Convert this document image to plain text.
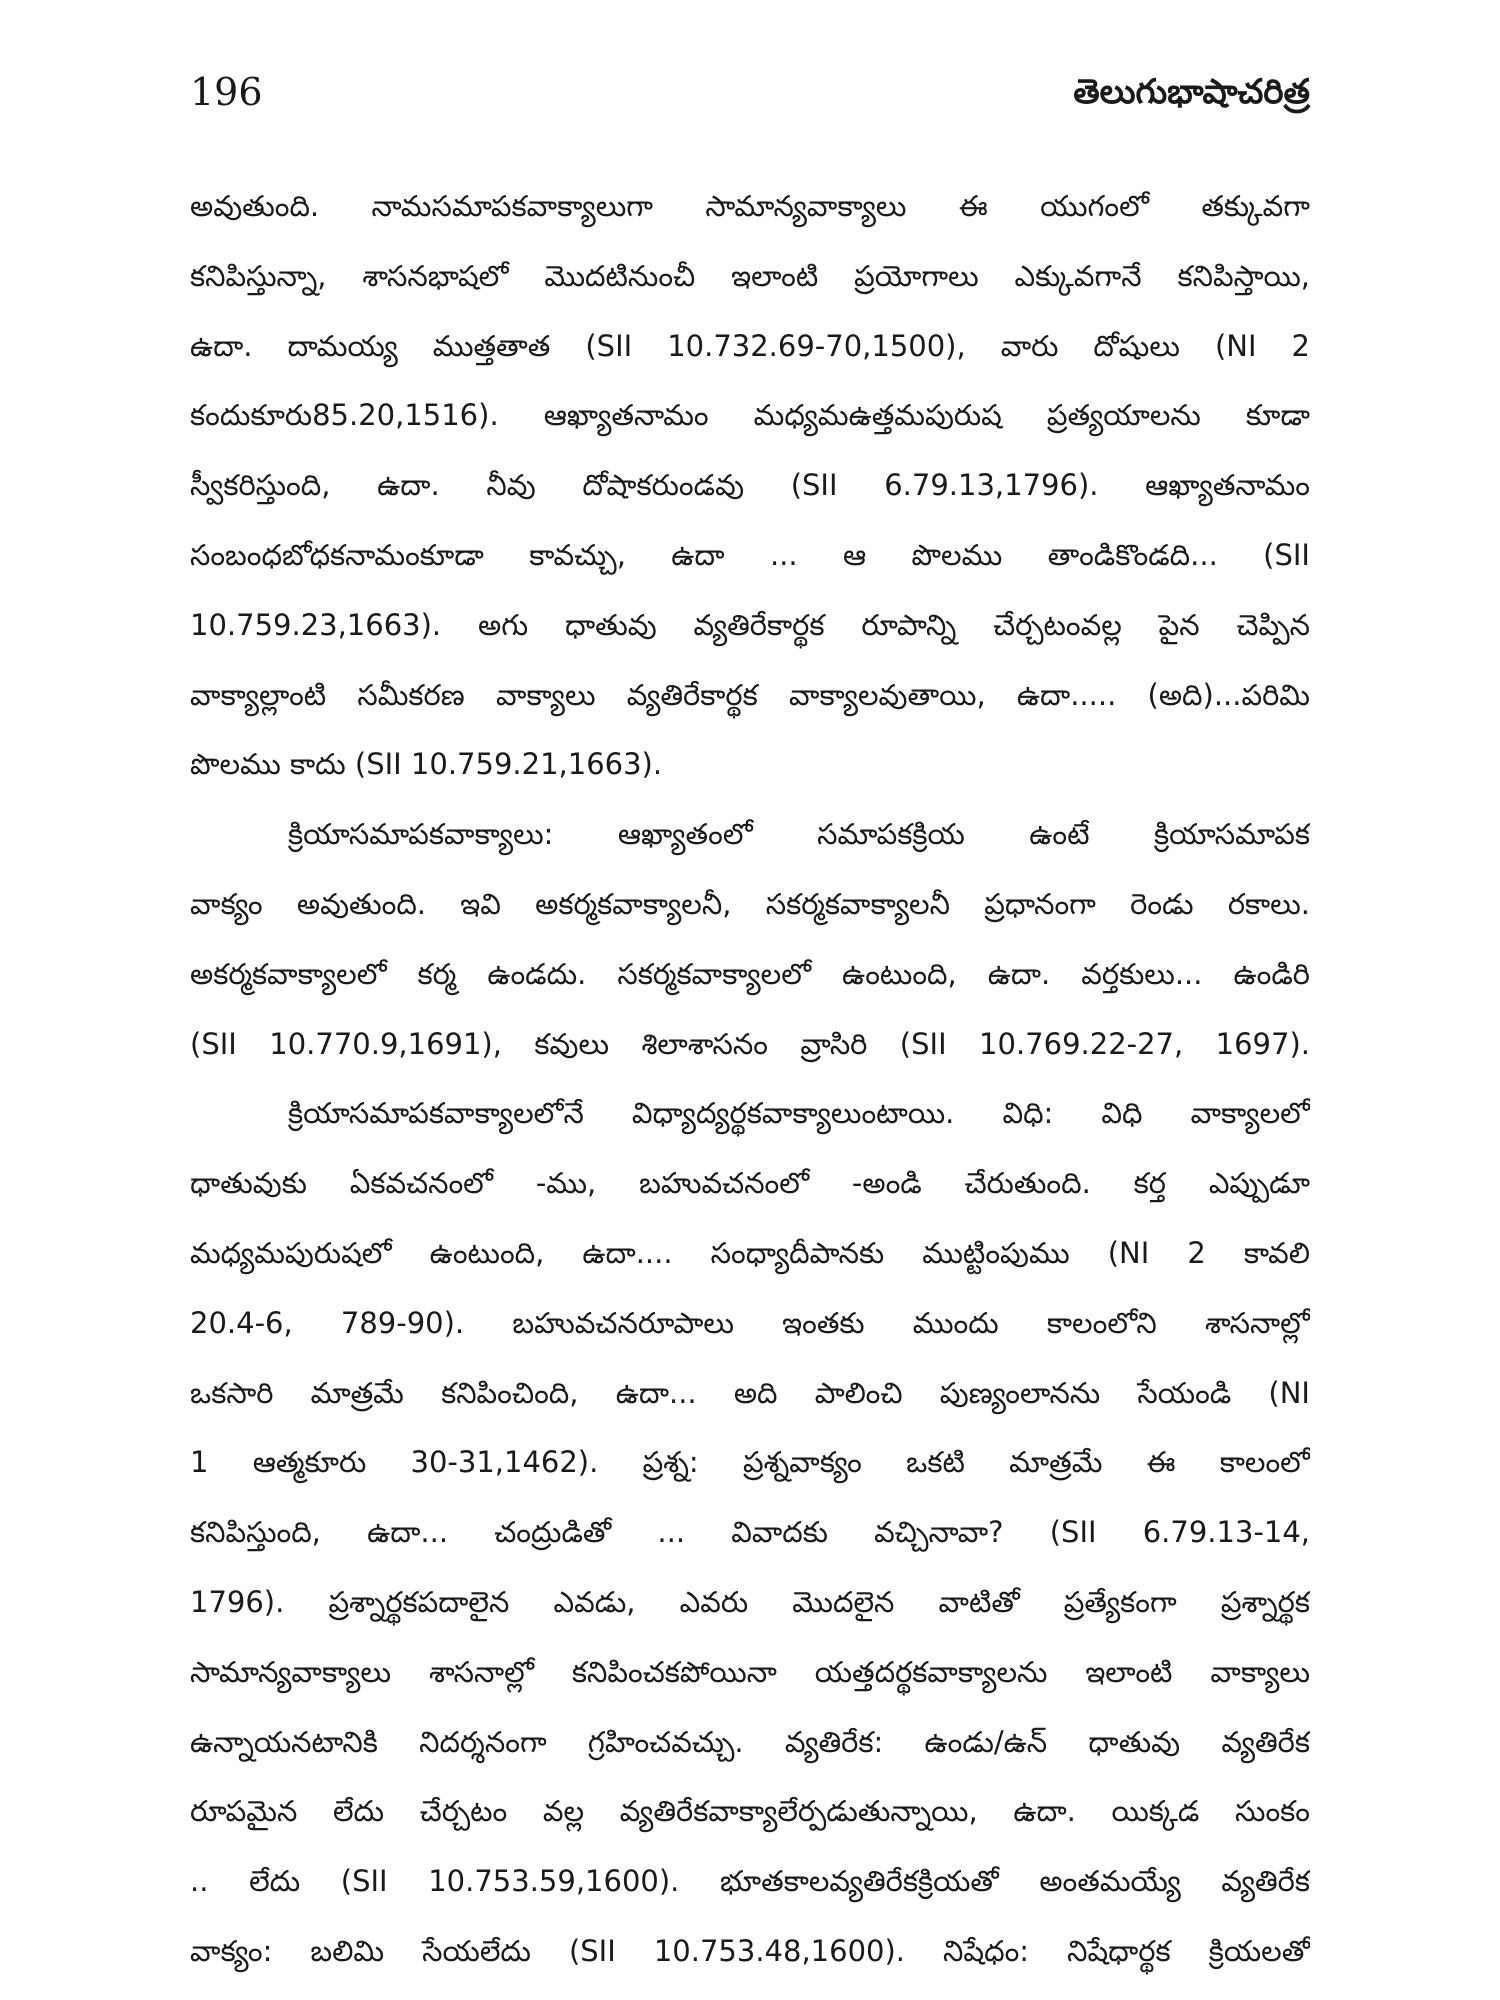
196	తెలుగుభాషాచరిత్ర
అవుతుంది. నామసమాపకవాక్యాలుగా సామాన్యవాక్యాలు ఈ యుగంలో తక్కువగా
కనిపిస్తున్నా, శాసనభాషలో మొదటినుంచీ ఇలాంటి ప్రయోగాలు ఎక్కువగానే కనిపిస్తాయి,
ఉదా. దామయ్య ముత్తతాత (SII 10.732.69-70,1500), వారు దోషులు (NI 2
కందుకూరు85.20,1516). ఆఖ్యాతనామం మధ్యమఉత్తమపురుష ప్రత్యయాలను కూడా
స్వీకరిస్తుంది, ఉదా. నీవు దోషాకరుండవు (SII 6.79.13,1796). ఆఖ్యాతనామం
సంబంధబోధకనామంకూడా కావచ్చు, ఉదా ... ఆ పొలము తాండికొండది... (SII
10.759.23,1663). అగు ధాతువు వ్యతిరేకార్థక రూపాన్ని చేర్చటంవల్ల పైన చెప్పిన
వాక్యాల్లాంటి సమీకరణ వాక్యాలు వ్యతిరేకార్థక వాక్యాలవుతాయి, ఉదా..... (అది)...పరిమి
పొలము కాదు (SII 10.759.21,1663).
క్రియాసమాపకవాక్యాలు: ఆఖ్యాతంలో సమాపకక్రియ ఉంటే క్రియాసమాపక
వాక్యం అవుతుంది. ఇవి అకర్మకవాక్యాలనీ, సకర్మకవాక్యాలనీ ప్రధానంగా రెండు రకాలు.
అకర్మకవాక్యాలలో కర్మ ఉండదు. సకర్మకవాక్యాలలో ఉంటుంది, ఉదా. వర్తకులు... ఉండిరి
(SII 10.770.9,1691), కవులు శిలాశాసనం వ్రాసిరి (SII 10.769.22-27, 1697).
క్రియాసమాపకవాక్యాలలోనే విధ్యాద్యర్థకవాక్యాలుంటాయి. విధి: విధి వాక్యాలలో
ధాతువుకు ఏకవచనంలో -ము, బహువచనంలో -అండి చేరుతుంది. కర్త ఎప్పుడూ
మధ్యమపురుషలో ఉంటుంది, ఉదా.... సంధ్యాదీపానకు ముట్టింపుము (NI 2 కావలి
20.4-6, 789-90). బహువచనరూపాలు ఇంతకు ముందు కాలంలోని శాసనాల్లో
ఒకసారి మాత్రమే కనిపించింది, ఉదా... అది పాలించి పుణ్యంలానను సేయండి (NI
1 ఆత్మకూరు 30-31,1462). ప్రశ్న: ప్రశ్నవాక్యం ఒకటి మాత్రమే ఈ కాలంలో
కనిపిస్తుంది, ఉదా... చంద్రుడితో ... వివాదకు వచ్చినావా? (SII 6.79.13-14,
1796). ప్రశ్నార్థకపదాలైన ఎవడు, ఎవరు మొదలైన వాటితో ప్రత్యేకంగా ప్రశ్నార్థక
సామాన్యవాక్యాలు శాసనాల్లో కనిపించకపోయినా యత్తదర్థకవాక్యాలను ఇలాంటి వాక్యాలు
ఉన్నాయనటానికి నిదర్శనంగా గ్రహించవచ్చు. వ్యతిరేక: ఉండు/ఉన్ ధాతువు వ్యతిరేక
రూపమైన లేదు చేర్చటం వల్ల వ్యతిరేకవాక్యాలేర్పడుతున్నాయి, ఉదా. యిక్కడ సుంకం
.. లేదు (SII 10.753.59,1600). భూతకాలవ్యతిరేకక్రియతో అంతమయ్యే వ్యతిరేక
వాక్యం: బలిమి సేయలేదు (SII 10.753.48,1600). నిషేధం: నిషేధార్థక క్రియలతో
